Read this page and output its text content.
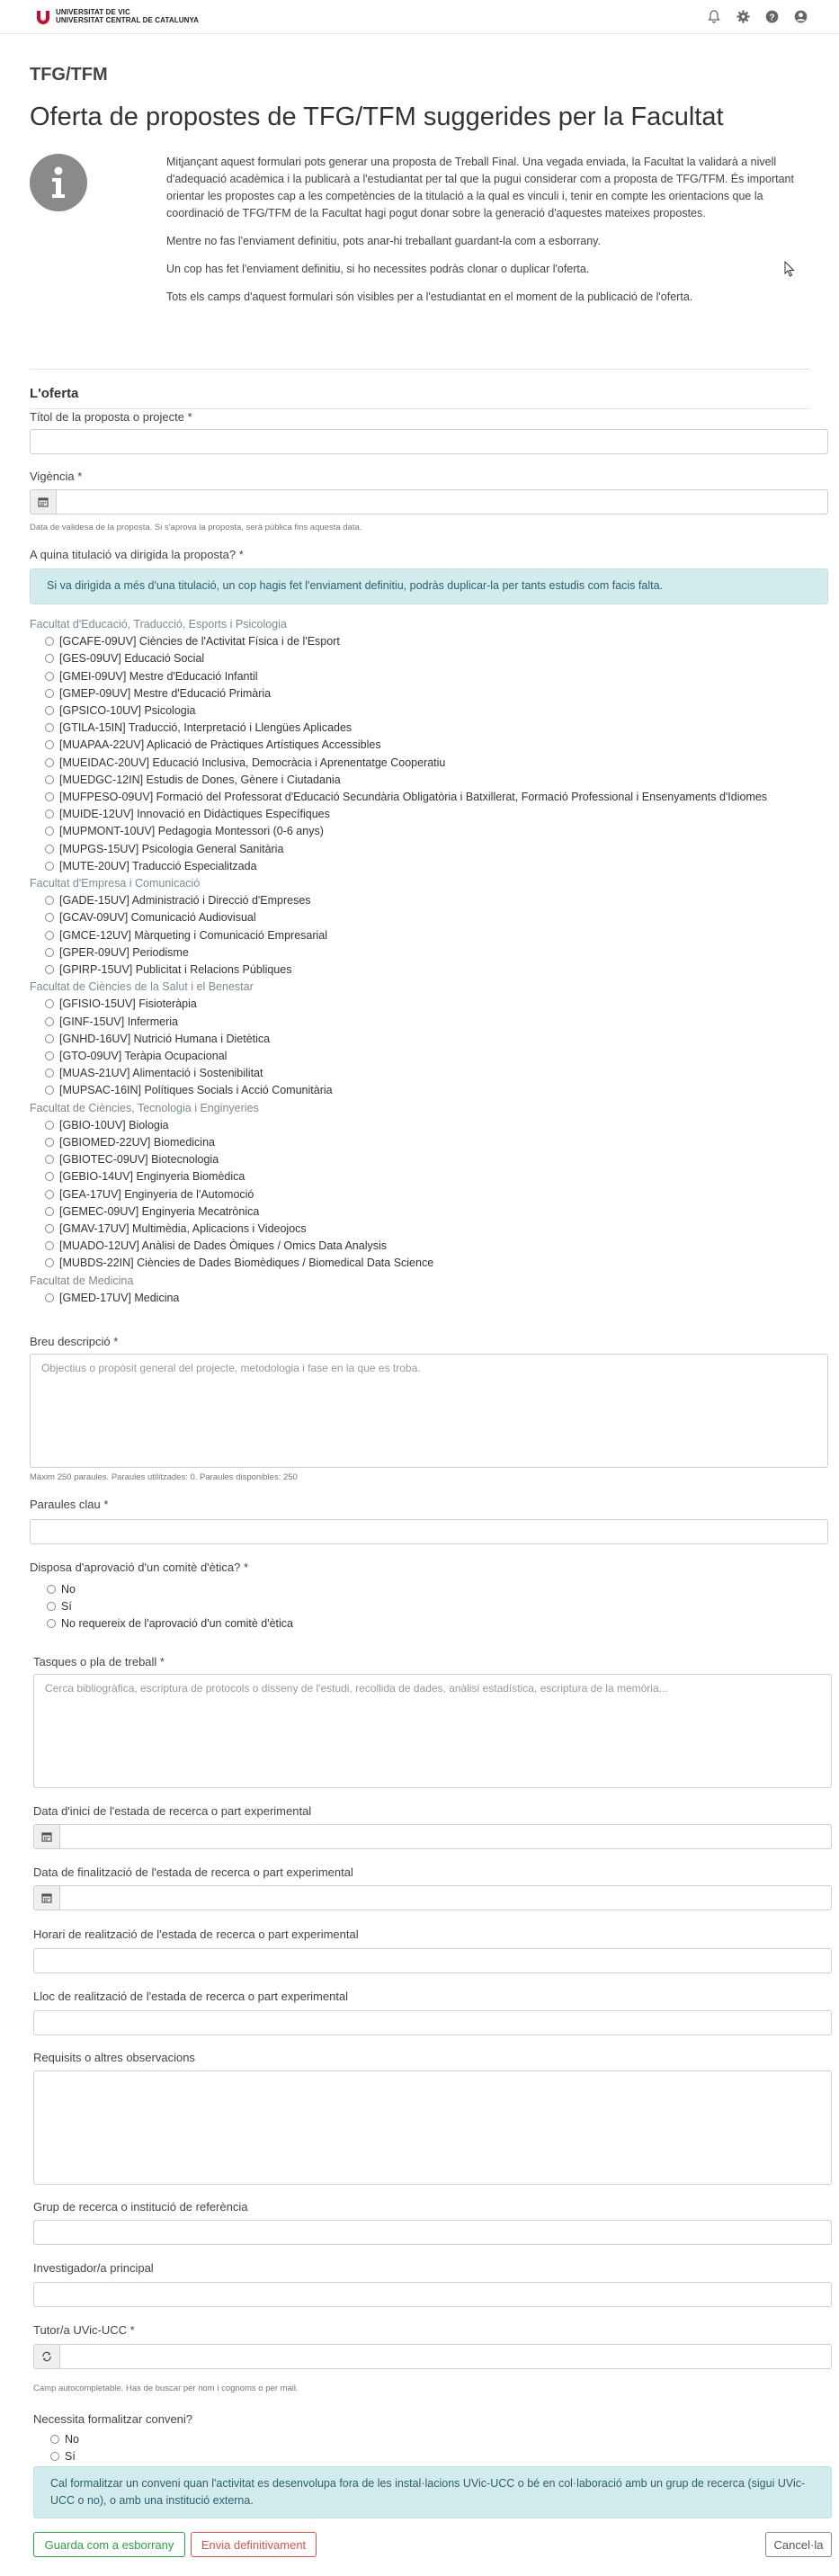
UNIVERSITAT DE VIC
UNIVERSITAT CENTRAL DE CATALUNYA	?
TFG/TFM
Oferta de propostes de TFG/TFM suggerides per la Facultat

Mitjançant aquest formulari pots generar una proposta de Treball Final. Una vegada enviada, la Facultat la validarà a nivell d'adequació acadèmica i la publicarà a l'estudiantat per tal que la pugui considerar com a proposta de TFG/TFM. És important orientar les propostes cap a les competències de la titulació a la qual es vinculi i, tenir en compte les orientacions que la coordinació de TFG/TFM de la Facultat hagi pogut donar sobre la generació d'aquestes mateixes propostes.

Mentre no fas l'enviament definitiu, pots anar-hi treballant guardant-la com a esborrany.

Un cop has fet l'enviament definitiu, si ho necessites podràs clonar o duplicar l'oferta.

Tots els camps d'aquest formulari són visibles per a l'estudiantat en el moment de la publicació de l'oferta.

L'oferta
Títol de la proposta o projecte *
Vigència *
Data de validesa de la proposta. Si s'aprova la proposta, serà pública fins aquesta data.
A quina titulació va dirigida la proposta? *
Si va dirigida a més d'una titulació, un cop hagis fet l'enviament definitiu, podràs duplicar-la per tants estudis com facis falta.
Facultat d'Educació, Traducció, Esports i Psicologia
[GCAFE-09UV] Ciències de l'Activitat Física i de l'Esport
[GES-09UV] Educació Social
[GMEI-09UV] Mestre d'Educació Infantil
[GMEP-09UV] Mestre d'Educació Primària
[GPSICO-10UV] Psicologia
[GTILA-15IN] Traducció, Interpretació i Llengües Aplicades
[MUAPAA-22UV] Aplicació de Pràctiques Artístiques Accessibles
[MUEIDAC-20UV] Educació Inclusiva, Democràcia i Aprenentatge Cooperatiu
[MUEDGC-12IN] Estudis de Dones, Gènere i Ciutadania
[MUFPESO-09UV] Formació del Professorat d'Educació Secundària Obligatòria i Batxillerat, Formació Professional i Ensenyaments d'Idiomes
[MUIDE-12UV] Innovació en Didàctiques Específiques
[MUPMONT-10UV] Pedagogia Montessori (0-6 anys)
[MUPGS-15UV] Psicologia General Sanitària
[MUTE-20UV] Traducció Especialitzada
Facultat d'Empresa i Comunicació
[GADE-15UV] Administració i Direcció d'Empreses
[GCAV-09UV] Comunicació Audiovisual
[GMCE-12UV] Màrqueting i Comunicació Empresarial
[GPER-09UV] Periodisme
[GPIRP-15UV] Publicitat i Relacions Públiques
Facultat de Ciències de la Salut i el Benestar
[GFISIO-15UV] Fisioteràpia
[GINF-15UV] Infermeria
[GNHD-16UV] Nutrició Humana i Dietètica
[GTO-09UV] Teràpia Ocupacional
[MUAS-21UV] Alimentació i Sostenibilitat
[MUPSAC-16IN] Polítiques Socials i Acció Comunitària
Facultat de Ciències, Tecnologia i Enginyeries
[GBIO-10UV] Biologia
[GBIOMED-22UV] Biomedicina
[GBIOTEC-09UV] Biotecnologia
[GEBIO-14UV] Enginyeria Biomèdica
[GEA-17UV] Enginyeria de l'Automoció
[GEMEC-09UV] Enginyeria Mecatrònica
[GMAV-17UV] Multimèdia, Aplicacions i Videojocs
[MUADO-12UV] Anàlisi de Dades Òmiques / Omics Data Analysis
[MUBDS-22IN] Ciències de Dades Biomèdiques / Biomedical Data Science
Facultat de Medicina
[GMED-17UV] Medicina
Breu descripció *
Objectius o propòsit general del projecte, metodologia i fase en la que es troba.
Màxim 250 paraules. Paraules utilitzades: 0. Paraules disponibles: 250
Paraules clau *
Disposa d'aprovació d'un comitè d'ètica? *
No
Sí
No requereix de l'aprovació d'un comitè d'ètica
Tasques o pla de treball *
Cerca bibliogràfica, escriptura de protocols o disseny de l'estudi, recollida de dades, anàlisi estadística, escriptura de la memòria...
Data d'inici de l'estada de recerca o part experimental
Data de finalització de l'estada de recerca o part experimental
Horari de realització de l'estada de recerca o part experimental
Lloc de realització de l'estada de recerca o part experimental
Requisits o altres observacions
Grup de recerca o institució de referència
Investigador/a principal
Tutor/a UVic-UCC *
Camp autocompletable. Has de buscar per nom i cognoms o per mail.
Necessita formalitzar conveni?
No
Sí
Cal formalitzar un conveni quan l'activitat es desenvolupa fora de les instal·lacions UVic-UCC o bé en col·laboració amb un grup de recerca (sigui UVic-UCC o no), o amb una institució externa.
Guarda com a esborrany	Envia definitivament	Cancel·la
